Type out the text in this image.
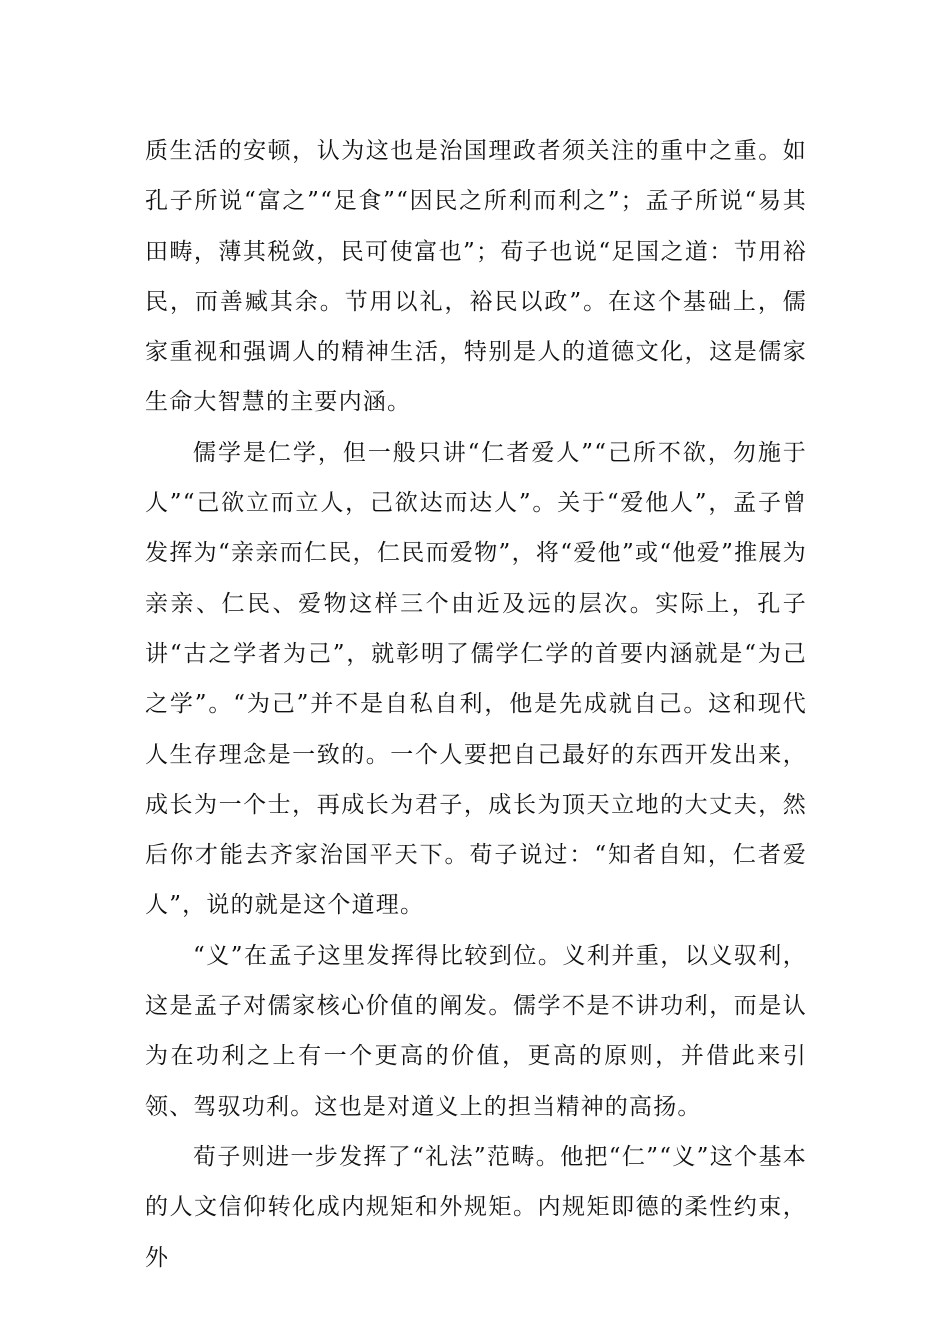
质生活的安顿，认为这也是治国理政者须关注的重中之重。如孔子所说“富之”“足食”“因民之所利而利之”；孟子所说“易其田畴，薄其税敛，民可使富也”；荀子也说“足国之道：节用裕民，而善臧其余。节用以礼，裕民以政”。在这个基础上，儒家重视和强调人的精神生活，特别是人的道德文化，这是儒家生命大智慧的主要内涵。

儒学是仁学，但一般只讲“仁者爱人”“己所不欲，勿施于人”“己欲立而立人，己欲达而达人”。关于“爱他人”，孟子曾发挥为“亲亲而仁民，仁民而爱物”，将“爱他”或“他爱”推展为亲亲、仁民、爱物这样三个由近及远的层次。实际上，孔子讲“古之学者为己”，就彰明了儒学仁学的首要内涵就是“为己之学”。“为己”并不是自私自利，他是先成就自己。这和现代人生存理念是一致的。一个人要把自己最好的东西开发出来，成长为一个士，再成长为君子，成长为顶天立地的大丈夫，然后你才能去齐家治国平天下。荀子说过：“知者自知，仁者爱人”，说的就是这个道理。

“义”在孟子这里发挥得比较到位。义利并重，以义驭利，这是孟子对儒家核心价值的阐发。儒学不是不讲功利，而是认为在功利之上有一个更高的价值，更高的原则，并借此来引领、驾驭功利。这也是对道义上的担当精神的高扬。

荀子则进一步发挥了“礼法”范畴。他把“仁”“义”这个基本的人文信仰转化成内规矩和外规矩。内规矩即德的柔性约束，外
